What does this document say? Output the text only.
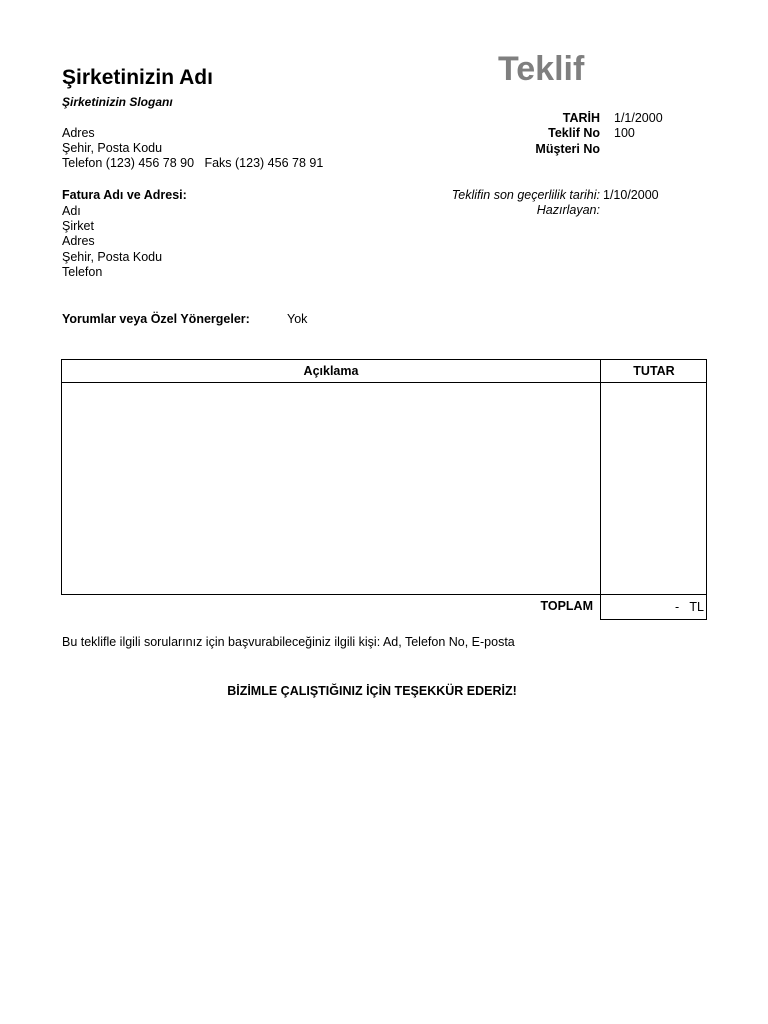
Şirketinizin Adı
Şirketinizin Sloganı
Adres
Şehir, Posta Kodu
Telefon (123) 456 78 90   Faks (123) 456 78 91
Teklif
TARİH 1/1/2000
Teklif No 100
Müşteri No
Teklifin son geçerlilik tarihi: 1/10/2000
Hazırlayan:
Fatura Adı ve Adresi:
Adı
Şirket
Adres
Şehir, Posta Kodu
Telefon
Yorumlar veya Özel Yönergeler:	Yok
Açıklama	TUTAR
TOPLAM	-   TL
Bu teklifle ilgili sorularınız için başvurabileceğiniz ilgili kişi: Ad, Telefon No, E-posta
BİZİMLE ÇALIŞTIĞINIZ İÇİN TEŞEKKÜR EDERİZ!
